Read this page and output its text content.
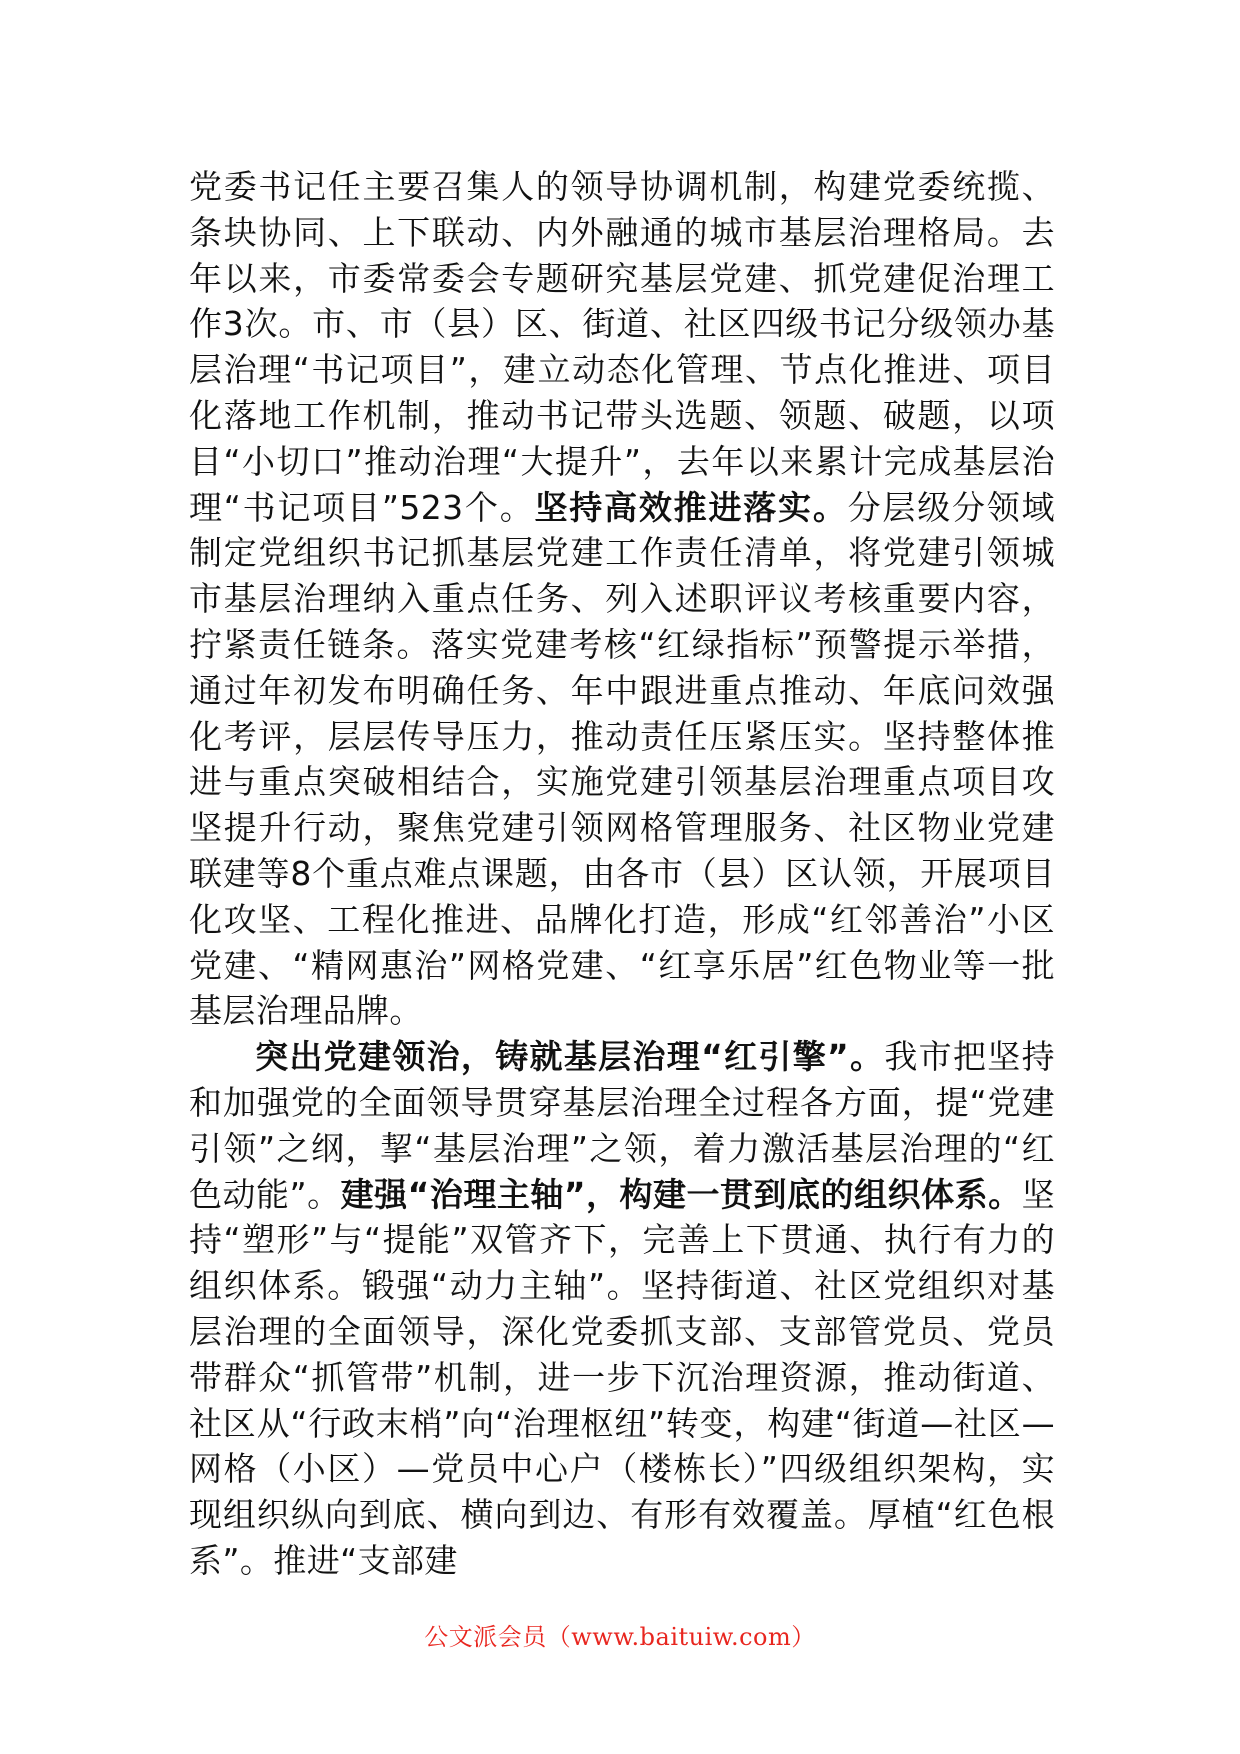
党委书记任主要召集人的领导协调机制，构建党委统揽、条块协同、上下联动、内外融通的城市基层治理格局。去年以来，市委常委会专题研究基层党建、抓党建促治理工作3次。市、市（县）区、街道、社区四级书记分级领办基层治理“书记项目”，建立动态化管理、节点化推进、项目化落地工作机制，推动书记带头选题、领题、破题，以项目“小切口”推动治理“大提升”，去年以来累计完成基层治理“书记项目”523个。坚持高效推进落实。分层级分领域制定党组织书记抓基层党建工作责任清单，将党建引领城市基层治理纳入重点任务、列入述职评议考核重要内容，拧紧责任链条。落实党建考核“红绿指标”预警提示举措，通过年初发布明确任务、年中跟进重点推动、年底问效强化考评，层层传导压力，推动责任压紧压实。坚持整体推进与重点突破相结合，实施党建引领基层治理重点项目攻坚提升行动，聚焦党建引领网格管理服务、社区物业党建联建等8个重点难点课题，由各市（县）区认领，开展项目化攻坚、工程化推进、品牌化打造，形成“红邻善治”小区党建、“精网惠治”网格党建、“红享乐居”红色物业等一批基层治理品牌。

突出党建领治，铸就基层治理“红引擎”。我市把坚持和加强党的全面领导贯穿基层治理全过程各方面，提“党建引领”之纲，挈“基层治理”之领，着力激活基层治理的“红色动能”。建强“治理主轴”，构建一贯到底的组织体系。坚持“塑形”与“提能”双管齐下，完善上下贯通、执行有力的组织体系。锻强“动力主轴”。坚持街道、社区党组织对基层治理的全面领导，深化党委抓支部、支部管党员、党员带群众“抓管带”机制，进一步下沉治理资源，推动街道、社区从“行政末梢”向“治理枢纽”转变，构建“街道—社区—网格（小区）—党员中心户（楼栋长）”四级组织架构，实现组织纵向到底、横向到边、有形有效覆盖。厚植“红色根系”。推进“支部建

公文派会员（www.baituiw.com）
